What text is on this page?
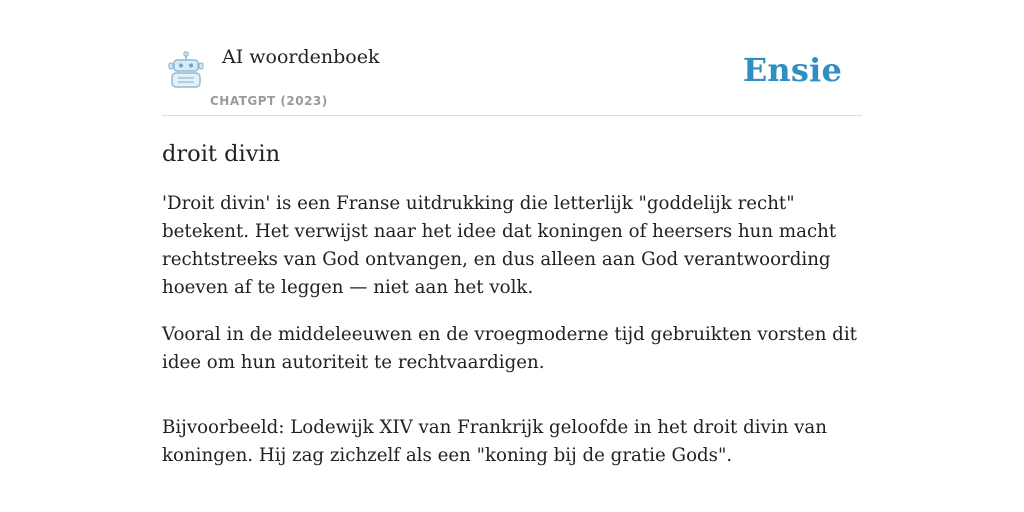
AI woordenboek
CHATGPT (2023)
Ensie
droit divin

'Droit divin' is een Franse uitdrukking die letterlijk "goddelijk recht" betekent. Het verwijst naar het idee dat koningen of heersers hun macht rechtstreeks van God ontvangen, en dus alleen aan God verantwoording hoeven af te leggen — niet aan het volk.

Vooral in de middeleeuwen en de vroegmoderne tijd gebruikten vorsten dit idee om hun autoriteit te rechtvaardigen.

Bijvoorbeeld: Lodewijk XIV van Frankrijk geloofde in het droit divin van koningen. Hij zag zichzelf als een "koning bij de gratie Gods".
